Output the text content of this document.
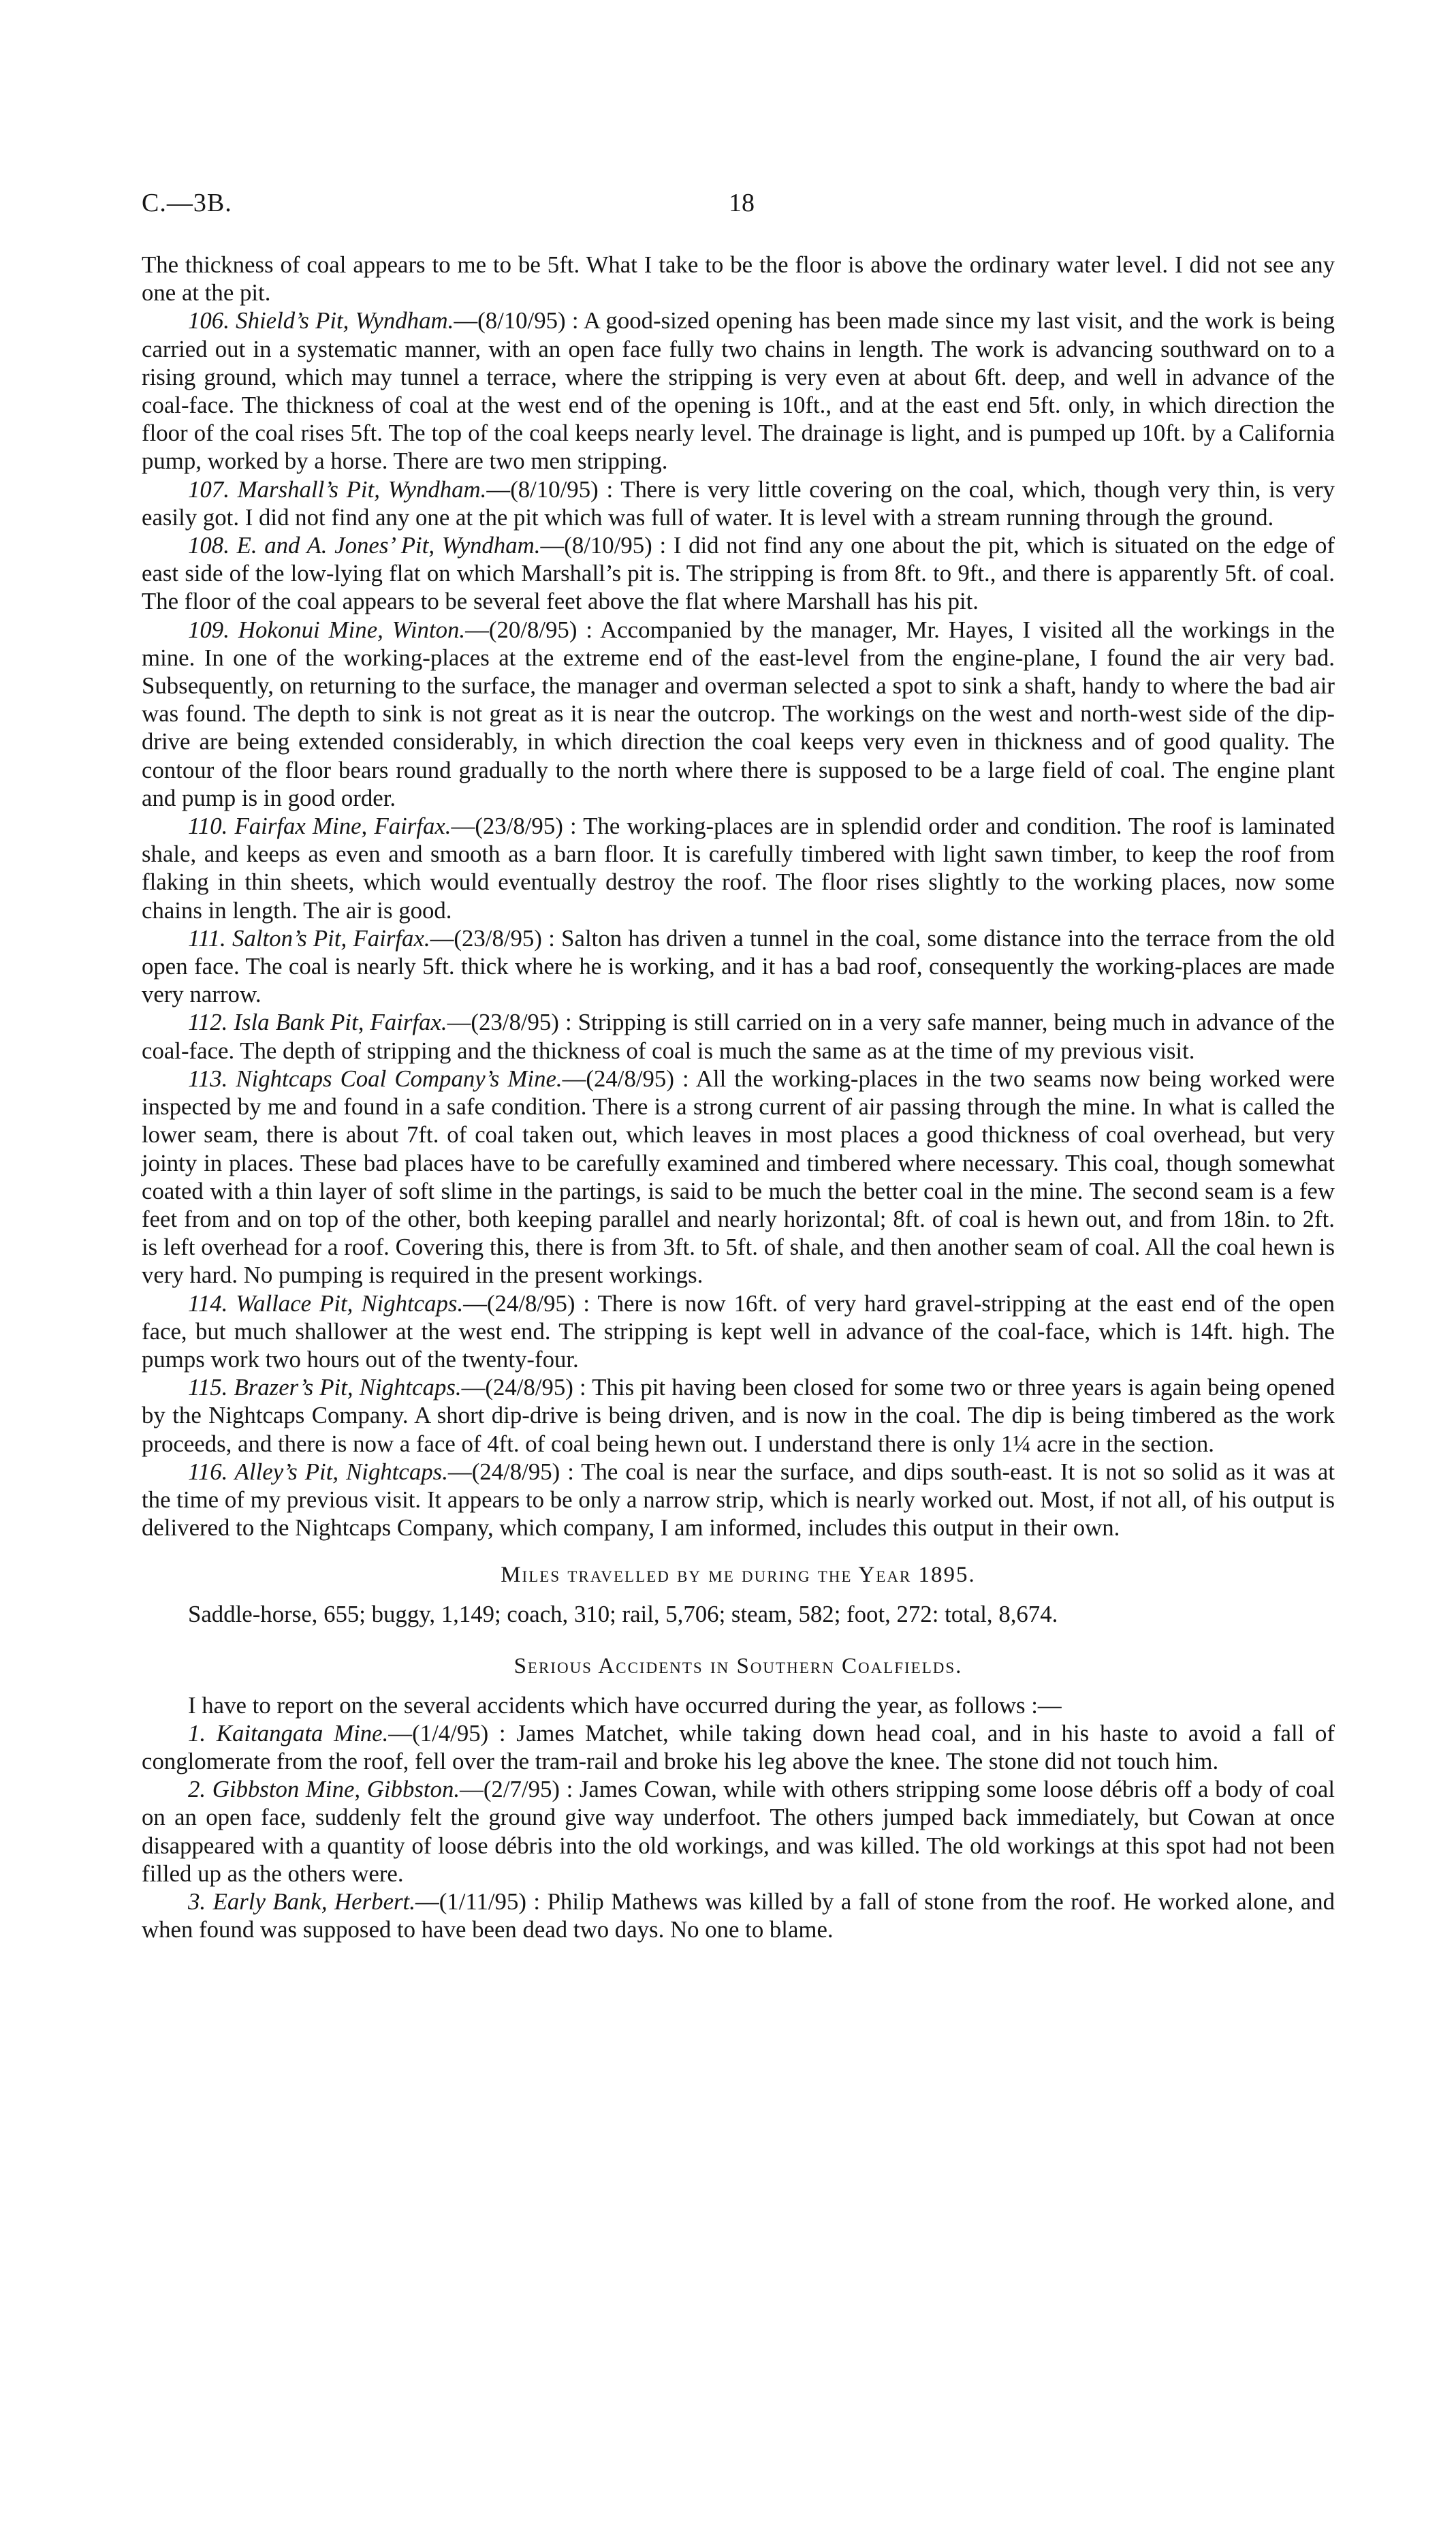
C.—3B.	18

The thickness of coal appears to me to be 5ft. What I take to be the floor is above the ordinary water level. I did not see any one at the pit.

106. Shield’s Pit, Wyndham.—(8/10/95) : A good-sized opening has been made since my last visit, and the work is being carried out in a systematic manner, with an open face fully two chains in length. The work is advancing southward on to a rising ground, which may tunnel a terrace, where the stripping is very even at about 6ft. deep, and well in advance of the coal-face. The thickness of coal at the west end of the opening is 10ft., and at the east end 5ft. only, in which direction the floor of the coal rises 5ft. The top of the coal keeps nearly level. The drainage is light, and is pumped up 10ft. by a California pump, worked by a horse. There are two men stripping.

107. Marshall’s Pit, Wyndham.—(8/10/95) : There is very little covering on the coal, which, though very thin, is very easily got. I did not find any one at the pit which was full of water. It is level with a stream running through the ground.

108. E. and A. Jones’ Pit, Wyndham.—(8/10/95) : I did not find any one about the pit, which is situated on the edge of east side of the low-lying flat on which Marshall’s pit is. The stripping is from 8ft. to 9ft., and there is apparently 5ft. of coal. The floor of the coal appears to be several feet above the flat where Marshall has his pit.

109. Hokonui Mine, Winton.—(20/8/95) : Accompanied by the manager, Mr. Hayes, I visited all the workings in the mine. In one of the working-places at the extreme end of the east-level from the engine-plane, I found the air very bad. Subsequently, on returning to the surface, the manager and overman selected a spot to sink a shaft, handy to where the bad air was found. The depth to sink is not great as it is near the outcrop. The workings on the west and north-west side of the dip-drive are being extended considerably, in which direction the coal keeps very even in thickness and of good quality. The contour of the floor bears round gradually to the north where there is supposed to be a large field of coal. The engine plant and pump is in good order.

110. Fairfax Mine, Fairfax.—(23/8/95) : The working-places are in splendid order and condition. The roof is laminated shale, and keeps as even and smooth as a barn floor. It is carefully timbered with light sawn timber, to keep the roof from flaking in thin sheets, which would eventually destroy the roof. The floor rises slightly to the working places, now some chains in length. The air is good.

111. Salton’s Pit, Fairfax.—(23/8/95) : Salton has driven a tunnel in the coal, some distance into the terrace from the old open face. The coal is nearly 5ft. thick where he is working, and it has a bad roof, consequently the working-places are made very narrow.

112. Isla Bank Pit, Fairfax.—(23/8/95) : Stripping is still carried on in a very safe manner, being much in advance of the coal-face. The depth of stripping and the thickness of coal is much the same as at the time of my previous visit.

113. Nightcaps Coal Company’s Mine.—(24/8/95) : All the working-places in the two seams now being worked were inspected by me and found in a safe condition. There is a strong current of air passing through the mine. In what is called the lower seam, there is about 7ft. of coal taken out, which leaves in most places a good thickness of coal overhead, but very jointy in places. These bad places have to be carefully examined and timbered where necessary. This coal, though somewhat coated with a thin layer of soft slime in the partings, is said to be much the better coal in the mine. The second seam is a few feet from and on top of the other, both keeping parallel and nearly horizontal; 8ft. of coal is hewn out, and from 18in. to 2ft. is left overhead for a roof. Covering this, there is from 3ft. to 5ft. of shale, and then another seam of coal. All the coal hewn is very hard. No pumping is required in the present workings.

114. Wallace Pit, Nightcaps.—(24/8/95) : There is now 16ft. of very hard gravel-stripping at the east end of the open face, but much shallower at the west end. The stripping is kept well in advance of the coal-face, which is 14ft. high. The pumps work two hours out of the twenty-four.

115. Brazer’s Pit, Nightcaps.—(24/8/95) : This pit having been closed for some two or three years is again being opened by the Nightcaps Company. A short dip-drive is being driven, and is now in the coal. The dip is being timbered as the work proceeds, and there is now a face of 4ft. of coal being hewn out. I understand there is only 1¼ acre in the section.

116. Alley’s Pit, Nightcaps.—(24/8/95) : The coal is near the surface, and dips south-east. It is not so solid as it was at the time of my previous visit. It appears to be only a narrow strip, which is nearly worked out. Most, if not all, of his output is delivered to the Nightcaps Company, which company, I am informed, includes this output in their own.

Miles travelled by me during the Year 1895.

Saddle-horse, 655; buggy, 1,149; coach, 310; rail, 5,706; steam, 582; foot, 272: total, 8,674.

Serious Accidents in Southern Coalfields.

I have to report on the several accidents which have occurred during the year, as follows :—

1. Kaitangata Mine.—(1/4/95) : James Matchet, while taking down head coal, and in his haste to avoid a fall of conglomerate from the roof, fell over the tram-rail and broke his leg above the knee. The stone did not touch him.

2. Gibbston Mine, Gibbston.—(2/7/95) : James Cowan, while with others stripping some loose débris off a body of coal on an open face, suddenly felt the ground give way underfoot. The others jumped back immediately, but Cowan at once disappeared with a quantity of loose débris into the old workings, and was killed. The old workings at this spot had not been filled up as the others were.

3. Early Bank, Herbert.—(1/11/95) : Philip Mathews was killed by a fall of stone from the roof. He worked alone, and when found was supposed to have been dead two days. No one to blame.
